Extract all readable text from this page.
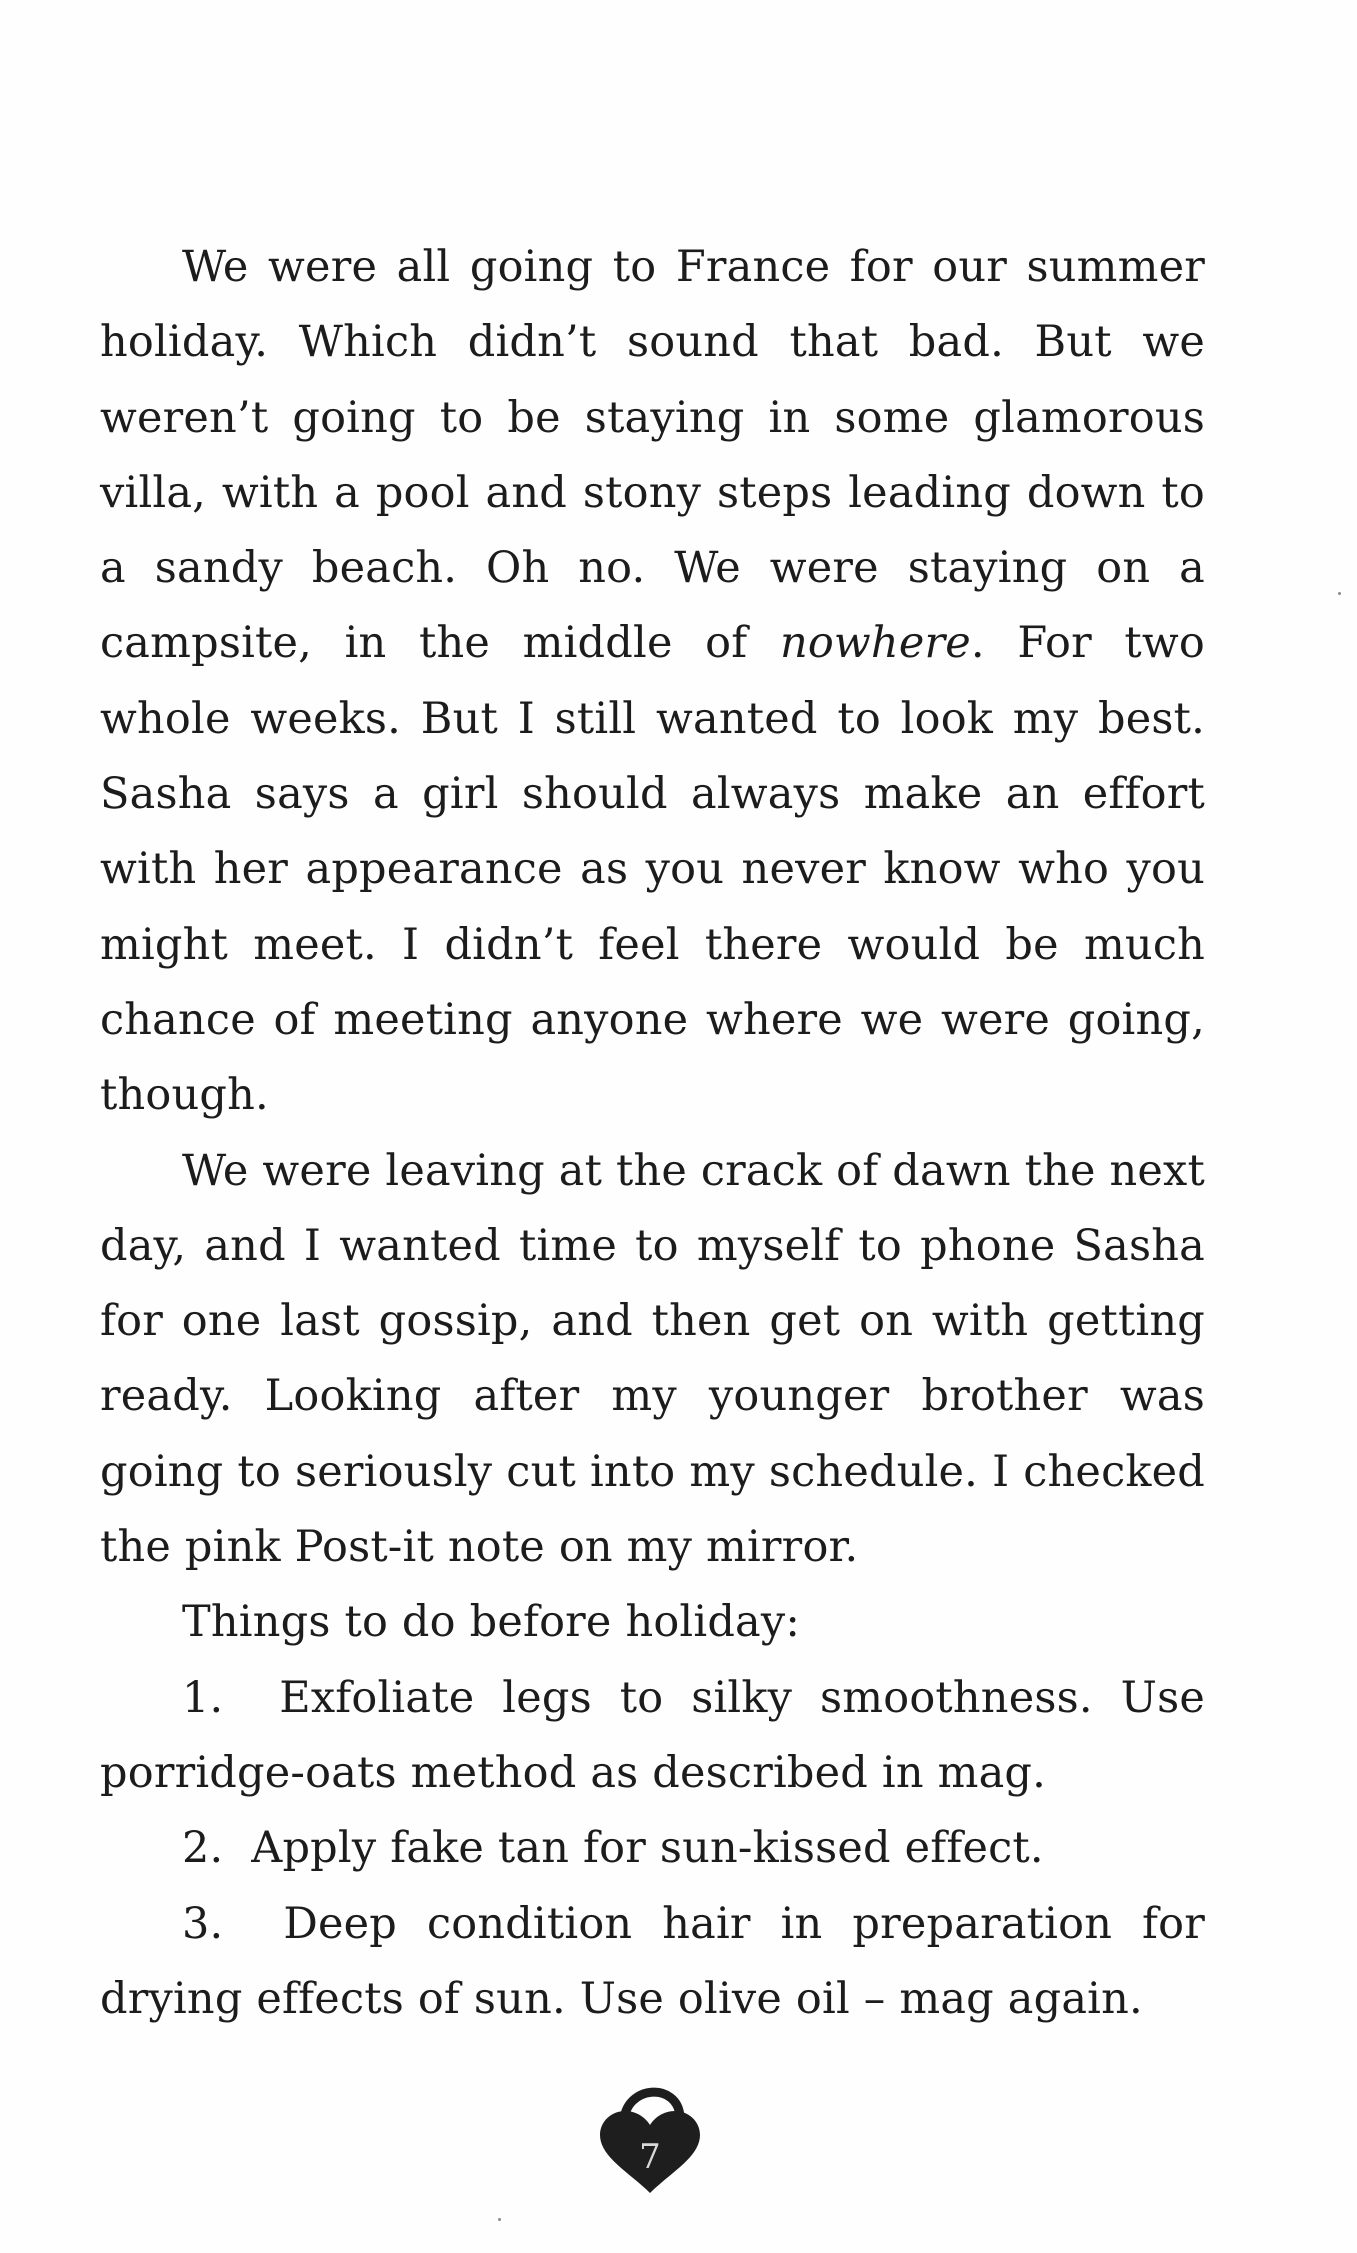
We were all going to France for our summer holiday. Which didn’t sound that bad. But we weren’t going to be staying in some glamorous villa, with a pool and stony steps leading down to a sandy beach. Oh no. We were staying on a campsite, in the middle of nowhere. For two whole weeks. But I still wanted to look my best. Sasha says a girl should always make an effort with her appearance as you never know who you might meet. I didn’t feel there would be much chance of meeting anyone where we were going, though.

We were leaving at the crack of dawn the next day, and I wanted time to myself to phone Sasha for one last gossip, and then get on with getting ready. Looking after my younger brother was going to seriously cut into my schedule. I checked the pink Post-it note on my mirror.

Things to do before holiday:

1. Exfoliate legs to silky smoothness. Use porridge-oats method as described in mag.

2. Apply fake tan for sun-kissed effect.

3. Deep condition hair in preparation for drying effects of sun. Use olive oil – mag again.

7
